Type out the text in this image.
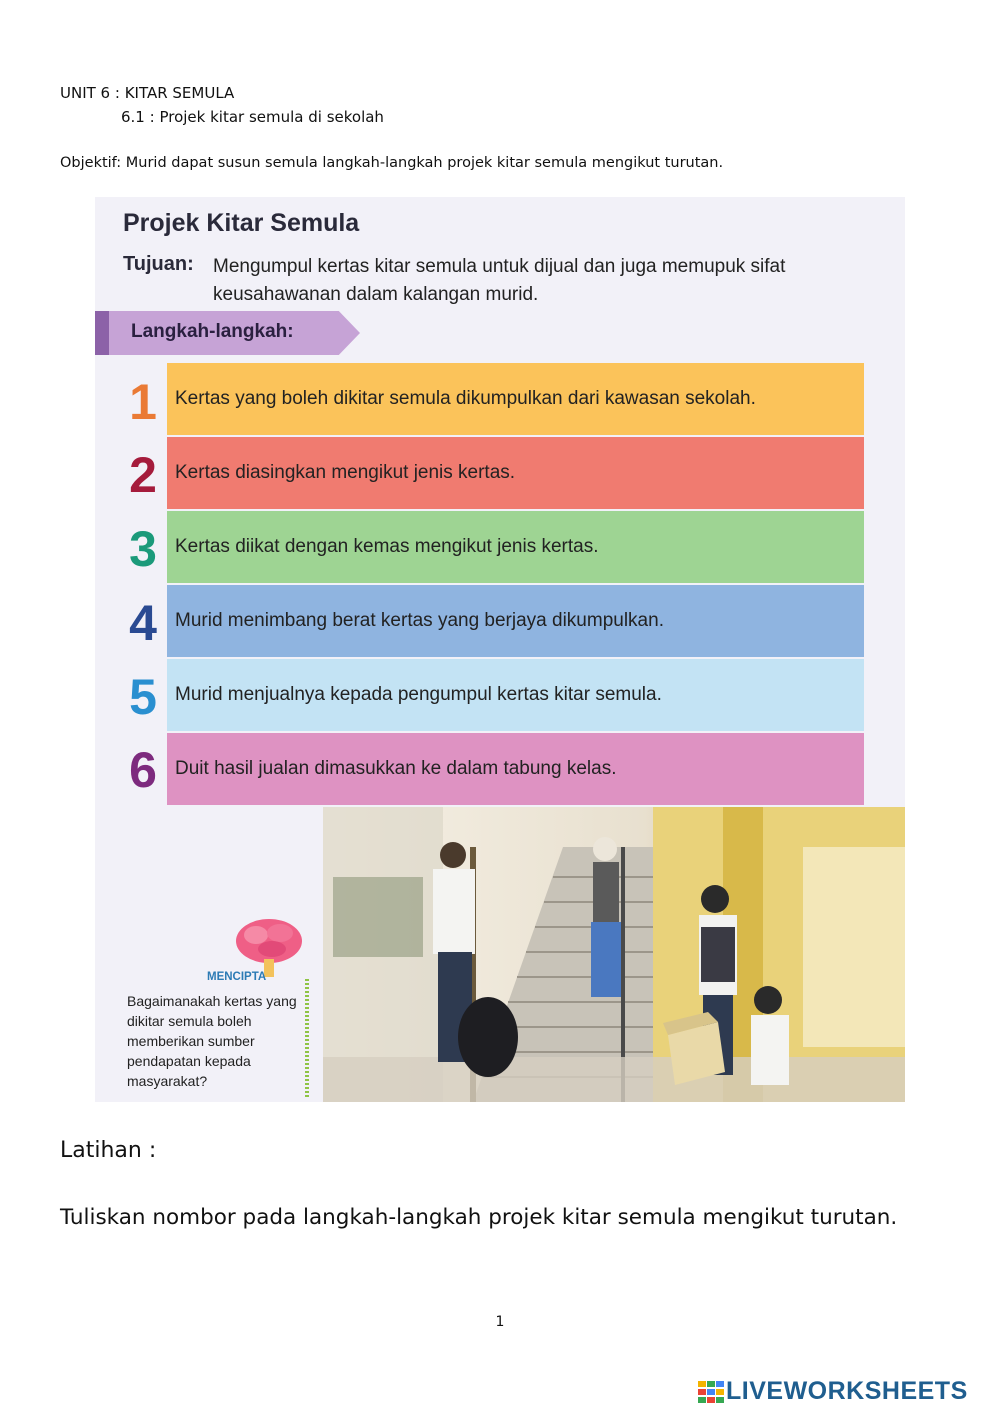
UNIT 6 : KITAR SEMULA
6.1 : Projek kitar semula di sekolah
Objektif: Murid dapat susun semula langkah-langkah projek kitar semula mengikut turutan.
Projek Kitar Semula
Tujuan: Mengumpul kertas kitar semula untuk dijual dan juga memupuk sifat keusahawanan dalam kalangan murid.
Langkah-langkah:
1 Kertas yang boleh dikitar semula dikumpulkan dari kawasan sekolah.
2 Kertas diasingkan mengikut jenis kertas.
3 Kertas diikat dengan kemas mengikut jenis kertas.
4 Murid menimbang berat kertas yang berjaya dikumpulkan.
5 Murid menjualnya kepada pengumpul kertas kitar semula.
6 Duit hasil jualan dimasukkan ke dalam tabung kelas.
MENCIPTA
Bagaimanakah kertas yang dikitar semula boleh memberikan sumber pendapatan kepada masyarakat?
Latihan :
Tuliskan nombor pada langkah-langkah projek kitar semula mengikut turutan.
1
LIVEWORKSHEETS
